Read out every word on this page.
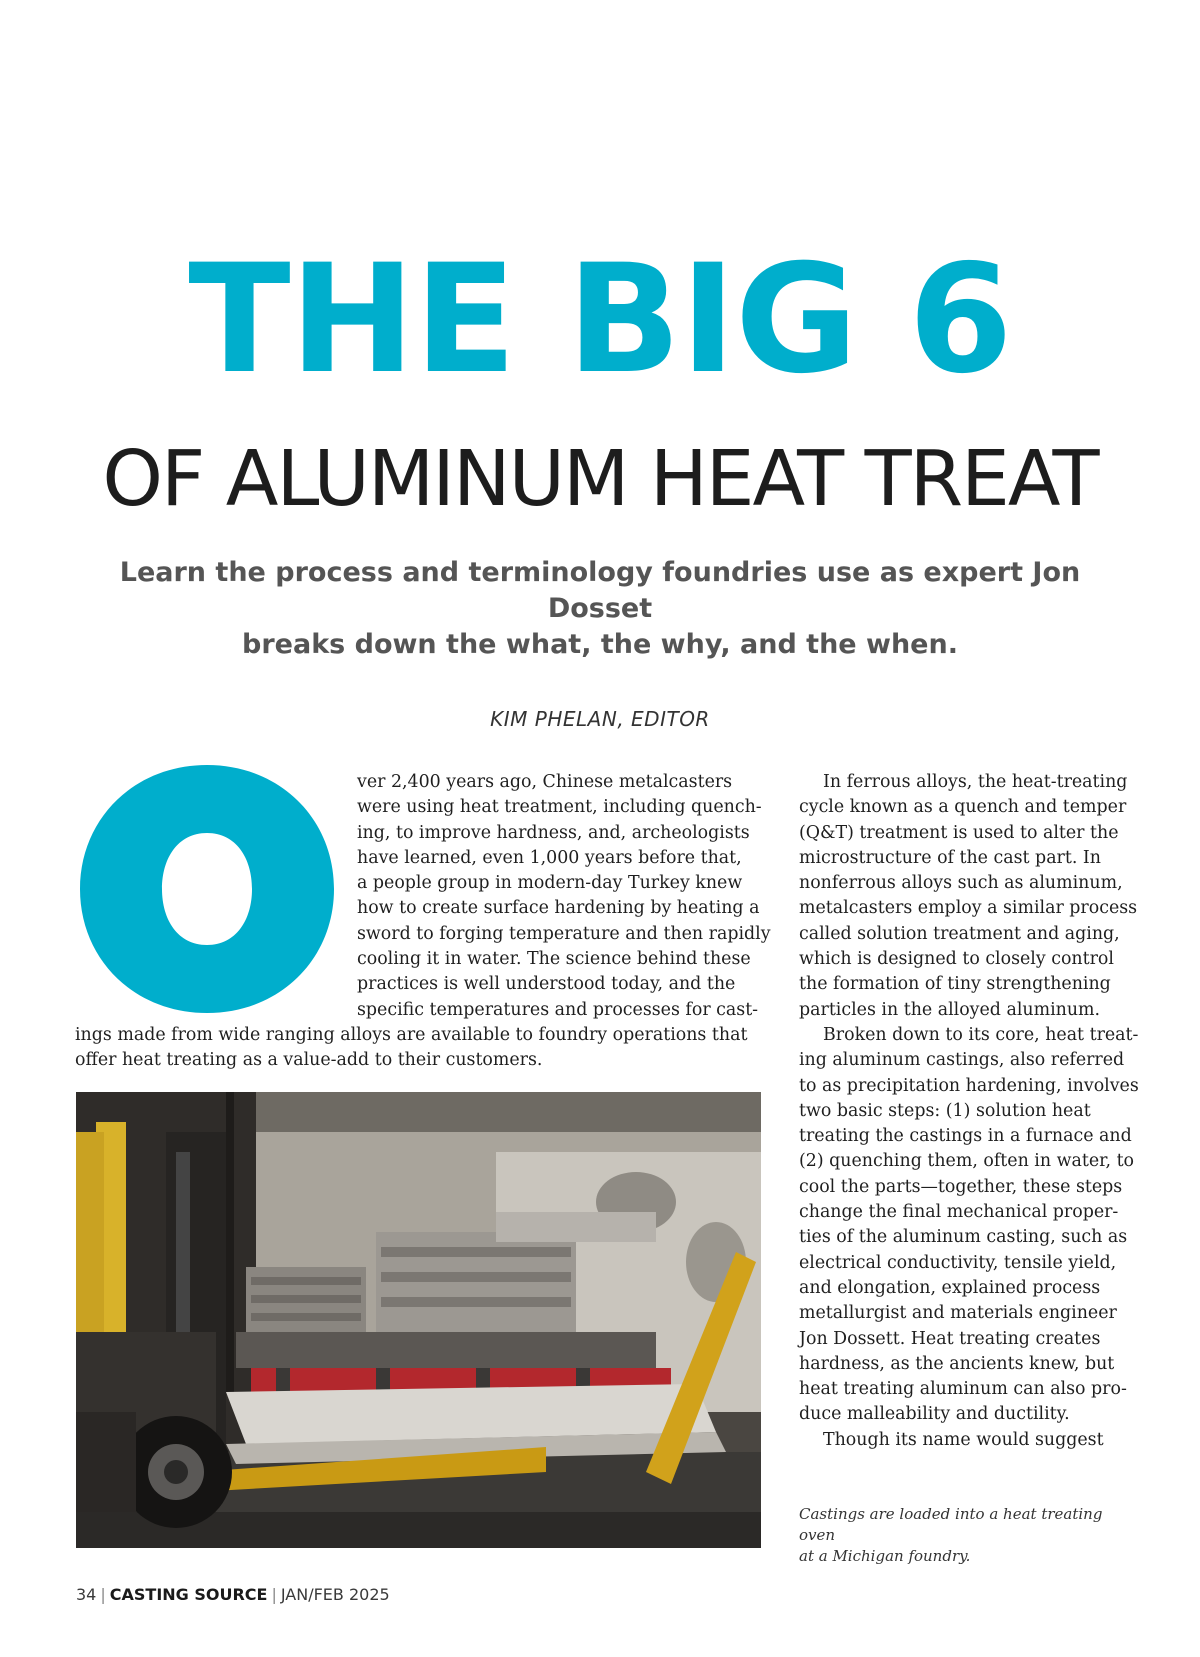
THE BIG 6
OF ALUMINUM HEAT TREAT
Learn the process and terminology foundries use as expert Jon Dosset
breaks down the what, the why, and the when.
KIM PHELAN, EDITOR
ver 2,400 years ago, Chinese metalcasters
were using heat treatment, including quench-
ing, to improve hardness, and, archeologists
have learned, even 1,000 years before that,
a people group in modern-day Turkey knew
how to create surface hardening by heating a
sword to forging temperature and then rapidly
cooling it in water. The science behind these
practices is well understood today, and the
specific temperatures and processes for cast-
ings made from wide ranging alloys are available to foundry operations that
offer heat treating as a value-add to their customers.
In ferrous alloys, the heat-treating
cycle known as a quench and temper
(Q&T) treatment is used to alter the
microstructure of the cast part. In
nonferrous alloys such as aluminum,
metalcasters employ a similar process
called solution treatment and aging,
which is designed to closely control
the formation of tiny strengthening
particles in the alloyed aluminum.
Broken down to its core, heat treat-
ing aluminum castings, also referred
to as precipitation hardening, involves
two basic steps: (1) solution heat
treating the castings in a furnace and
(2) quenching them, often in water, to
cool the parts—together, these steps
change the final mechanical proper-
ties of the aluminum casting, such as
electrical conductivity, tensile yield,
and elongation, explained process
metallurgist and materials engineer
Jon Dossett. Heat treating creates
hardness, as the ancients knew, but
heat treating aluminum can also pro-
duce malleability and ductility.
Though its name would suggest
Castings are loaded into a heat treating oven
at a Michigan foundry.
34 | CASTING SOURCE | JAN/FEB 2025
